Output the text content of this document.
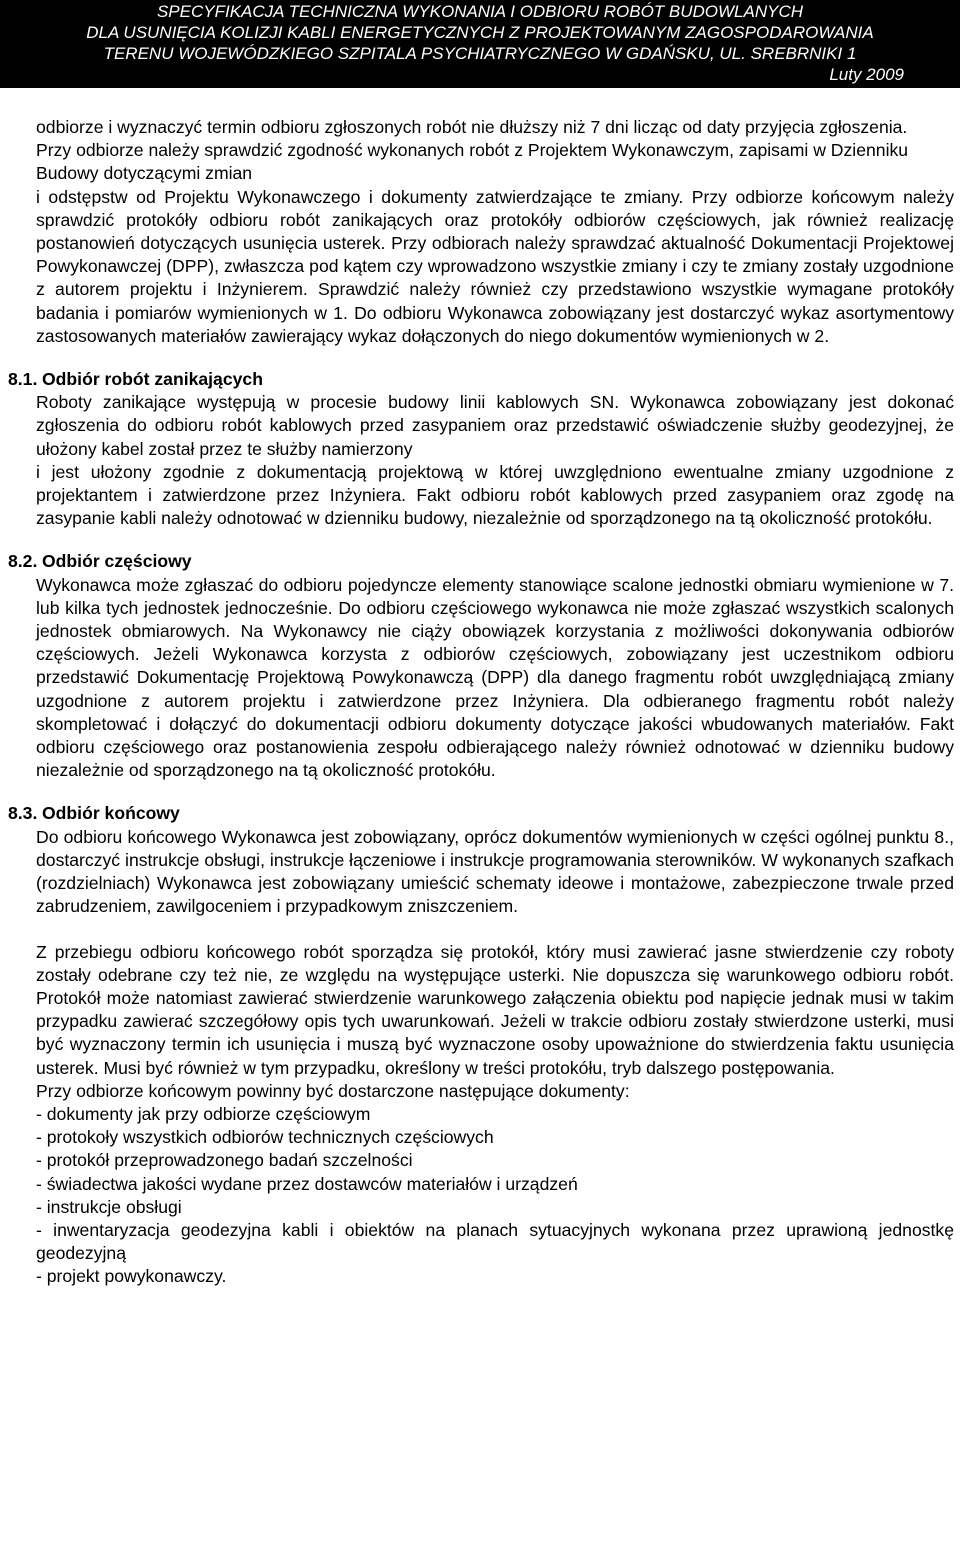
SPECYFIKACJA TECHNICZNA WYKONANIA I ODBIORU ROBÓT BUDOWLANYCH
DLA USUNIĘCIA KOLIZJI KABLI ENERGETYCZNYCH Z PROJEKTOWANYM ZAGOSPODAROWANIA
TERENU WOJEWÓDZKIEGO SZPITALA PSYCHIATRYCZNEGO W GDAŃSKU, UL. SREBRNIKI 1
Luty 2009

odbiorze i wyznaczyć termin odbioru zgłoszonych robót nie dłuższy niż 7 dni licząc od daty przyjęcia zgłoszenia.

Przy odbiorze należy sprawdzić zgodność wykonanych robót z Projektem Wykonawczym, zapisami w Dzienniku Budowy dotyczącymi zmian

i odstępstw od Projektu Wykonawczego i dokumenty zatwierdzające te zmiany. Przy odbiorze końcowym należy sprawdzić protokóły odbioru robót zanikających oraz protokóły odbiorów częściowych, jak również realizację postanowień dotyczących usunięcia usterek. Przy odbiorach należy sprawdzać aktualność Dokumentacji Projektowej Powykonawczej (DPP), zwłaszcza pod kątem czy wprowadzono wszystkie zmiany i czy te zmiany zostały uzgodnione z autorem projektu i Inżynierem. Sprawdzić należy również czy przedstawiono wszystkie wymagane protokóły badania i pomiarów wymienionych w 1. Do odbioru Wykonawca zobowiązany jest dostarczyć wykaz asortymentowy zastosowanych materiałów zawierający wykaz dołączonych do niego dokumentów wymienionych w 2.

8.1. Odbiór robót zanikających

Roboty zanikające występują w procesie budowy linii kablowych SN. Wykonawca zobowiązany jest dokonać zgłoszenia do odbioru robót kablowych przed zasypaniem oraz przedstawić oświadczenie służby geodezyjnej, że ułożony kabel został przez te służby namierzony

i jest ułożony zgodnie z dokumentacją projektową w której uwzględniono ewentualne zmiany uzgodnione z projektantem i zatwierdzone przez Inżyniera. Fakt odbioru robót kablowych przed zasypaniem oraz zgodę na zasypanie kabli należy odnotować w dzienniku budowy, niezależnie od sporządzonego na tą okoliczność protokółu.

8.2. Odbiór częściowy

Wykonawca może zgłaszać do odbioru pojedyncze elementy stanowiące scalone jednostki obmiaru wymienione w 7. lub kilka tych jednostek jednocześnie. Do odbioru częściowego wykonawca nie może zgłaszać wszystkich scalonych jednostek obmiarowych. Na Wykonawcy nie ciąży obowiązek korzystania z możliwości dokonywania odbiorów częściowych. Jeżeli Wykonawca korzysta z odbiorów częściowych, zobowiązany jest uczestnikom odbioru przedstawić Dokumentację Projektową Powykonawczą (DPP) dla danego fragmentu robót uwzględniającą zmiany uzgodnione z autorem projektu i zatwierdzone przez Inżyniera. Dla odbieranego fragmentu robót należy skompletować i dołączyć do dokumentacji odbioru dokumenty dotyczące jakości wbudowanych materiałów. Fakt odbioru częściowego oraz postanowienia zespołu odbierającego należy również odnotować w dzienniku budowy niezależnie od sporządzonego na tą okoliczność protokółu.

8.3. Odbiór końcowy

Do odbioru końcowego Wykonawca jest zobowiązany, oprócz dokumentów wymienionych w części ogólnej punktu 8., dostarczyć instrukcje obsługi, instrukcje łączeniowe i instrukcje programowania sterowników. W wykonanych szafkach (rozdzielniach) Wykonawca jest zobowiązany umieścić schematy ideowe i montażowe, zabezpieczone trwale przed zabrudzeniem, zawilgoceniem i przypadkowym zniszczeniem.

Z przebiegu odbioru końcowego robót sporządza się protokół, który musi zawierać jasne stwierdzenie czy roboty zostały odebrane czy też nie, ze względu na występujące usterki. Nie dopuszcza się warunkowego odbioru robót. Protokół może natomiast zawierać stwierdzenie warunkowego załączenia obiektu pod napięcie jednak musi w takim przypadku zawierać szczegółowy opis tych uwarunkowań. Jeżeli w trakcie odbioru zostały stwierdzone usterki, musi być wyznaczony termin ich usunięcia i muszą być wyznaczone osoby upoważnione do stwierdzenia faktu usunięcia usterek. Musi być również w tym przypadku, określony w treści protokółu, tryb dalszego postępowania.

Przy odbiorze końcowym powinny być dostarczone następujące dokumenty:

- dokumenty jak przy odbiorze częściowym
- protokoły wszystkich odbiorów technicznych częściowych
- protokół przeprowadzonego badań szczelności
- świadectwa jakości wydane przez dostawców materiałów i urządzeń
- instrukcje obsługi
- inwentaryzacja geodezyjna kabli i obiektów na planach sytuacyjnych wykonana przez uprawioną jednostkę geodezyjną
- projekt powykonawczy.
